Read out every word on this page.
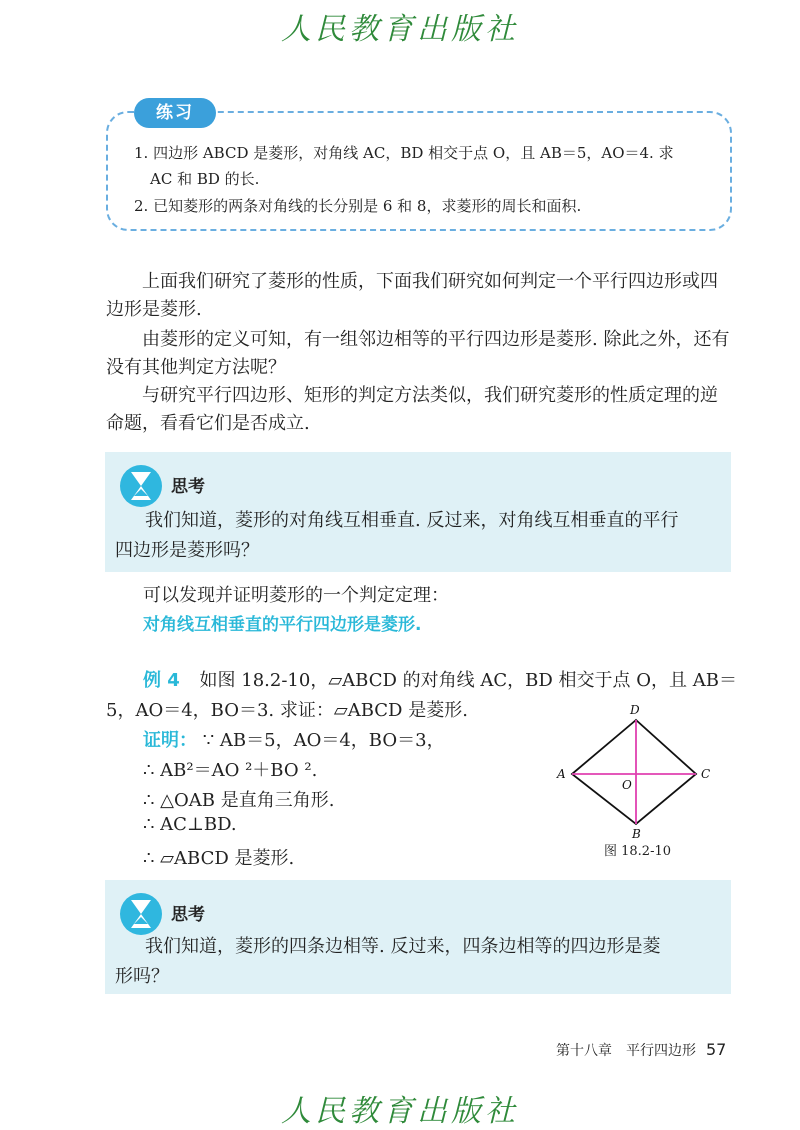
人民教育出版社
练习
1. 四边形 ABCD 是菱形，对角线 AC，BD 相交于点 O，且 AB＝5，AO＝4. 求
AC 和 BD 的长.
2. 已知菱形的两条对角线的长分别是 6 和 8，求菱形的周长和面积.
上面我们研究了菱形的性质，下面我们研究如何判定一个平行四边形或四边形是菱形.
由菱形的定义可知，有一组邻边相等的平行四边形是菱形. 除此之外，还有没有其他判定方法呢？
与研究平行四边形、矩形的判定方法类似，我们研究菱形的性质定理的逆命题，看看它们是否成立.
思考
我们知道，菱形的对角线互相垂直. 反过来，对角线互相垂直的平行
四边形是菱形吗？
可以发现并证明菱形的一个判定定理：
对角线互相垂直的平行四边形是菱形.
例 4 如图 18.2-10，▱ABCD 的对角线 AC，BD 相交于点 O，且 AB＝
5，AO＝4，BO＝3. 求证：▱ABCD 是菱形.
证明： ∵ AB＝5，AO＝4，BO＝3，
∴ AB²＝AO ²＋BO ².
∴ △OAB 是直角三角形.
∴ AC⊥BD.
∴ ▱ABCD 是菱形.
D
A	C
O
B
图 18.2-10
思考
我们知道，菱形的四条边相等. 反过来，四条边相等的四边形是菱
形吗？
第十八章　平行四边形 57
人民教育出版社
